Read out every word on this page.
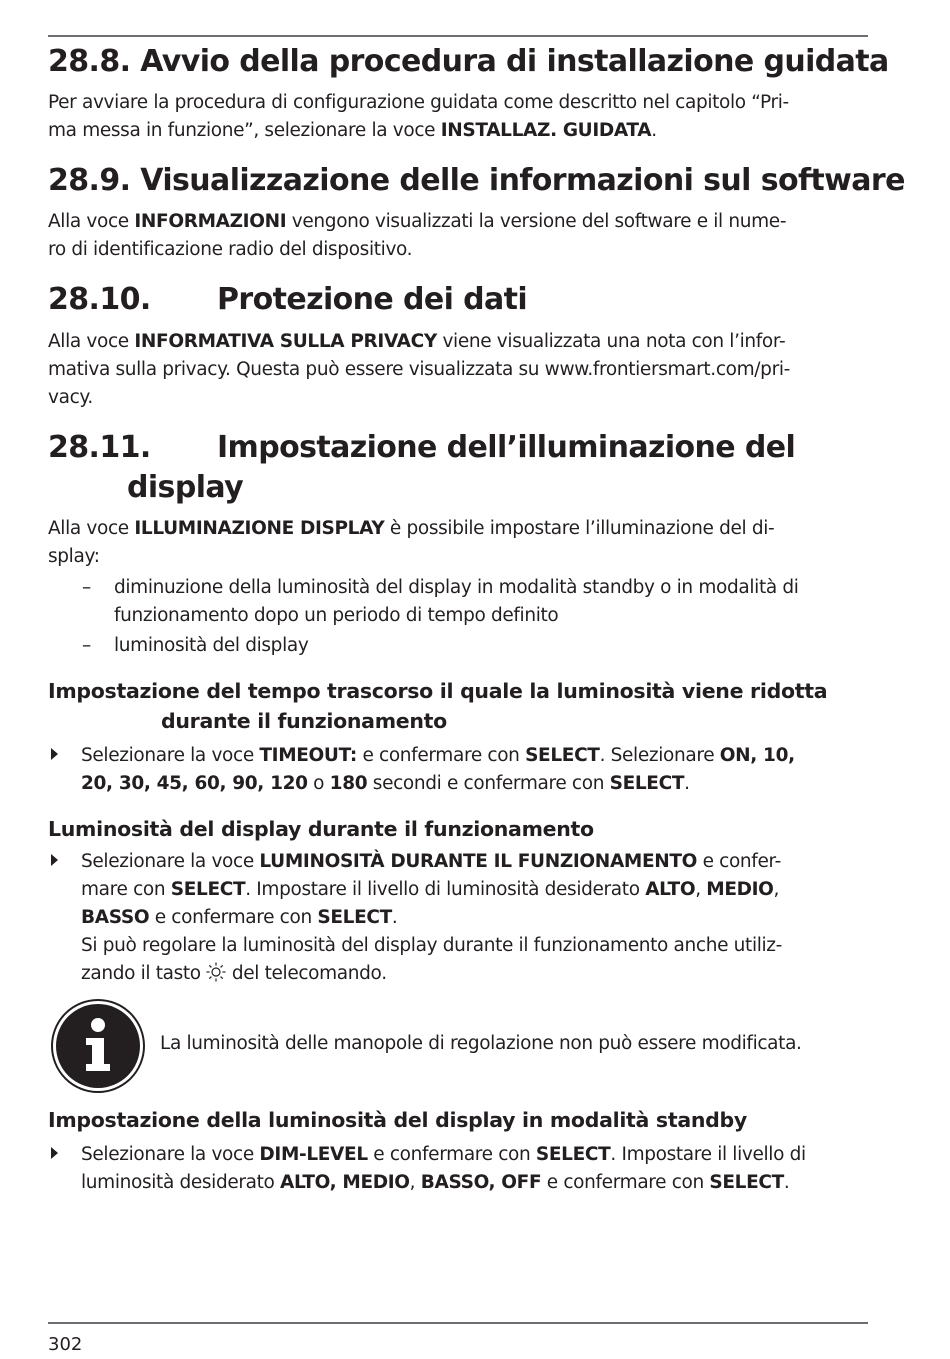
28.8. Avvio della procedura di installazione guidata
Per avviare la procedura di configurazione guidata come descritto nel capitolo “Pri-
ma messa in funzione”, selezionare la voce INSTALLAZ. GUIDATA.
28.9. Visualizzazione delle informazioni sul software
Alla voce INFORMAZIONI vengono visualizzati la versione del software e il nume-
ro di identificazione radio del dispositivo.
28.10. Protezione dei dati
Alla voce INFORMATIVA SULLA PRIVACY viene visualizzata una nota con l’infor-
mativa sulla privacy. Questa può essere visualizzata su www.frontiersmart.com/pri-
vacy.
28.11. Impostazione dell’illuminazione del
display
Alla voce ILLUMINAZIONE DISPLAY è possibile impostare l’illuminazione del di-
splay:
– diminuzione della luminosità del display in modalità standby o in modalità di
funzionamento dopo un periodo di tempo definito
– luminosità del display
Impostazione del tempo trascorso il quale la luminosità viene ridotta
durante il funzionamento
Selezionare la voce TIMEOUT: e confermare con SELECT. Selezionare ON, 10,
20, 30, 45, 60, 90, 120 o 180 secondi e confermare con SELECT.
Luminosità del display durante il funzionamento
Selezionare la voce LUMINOSITÀ DURANTE IL FUNZIONAMENTO e confer-
mare con SELECT. Impostare il livello di luminosità desiderato ALTO, MEDIO,
BASSO e confermare con SELECT.
Si può regolare la luminosità del display durante il funzionamento anche utiliz-
zando il tasto  del telecomando.
La luminosità delle manopole di regolazione non può essere modificata.
Impostazione della luminosità del display in modalità standby
Selezionare la voce DIM-LEVEL e confermare con SELECT. Impostare il livello di
luminosità desiderato ALTO, MEDIO, BASSO, OFF e confermare con SELECT.
302
